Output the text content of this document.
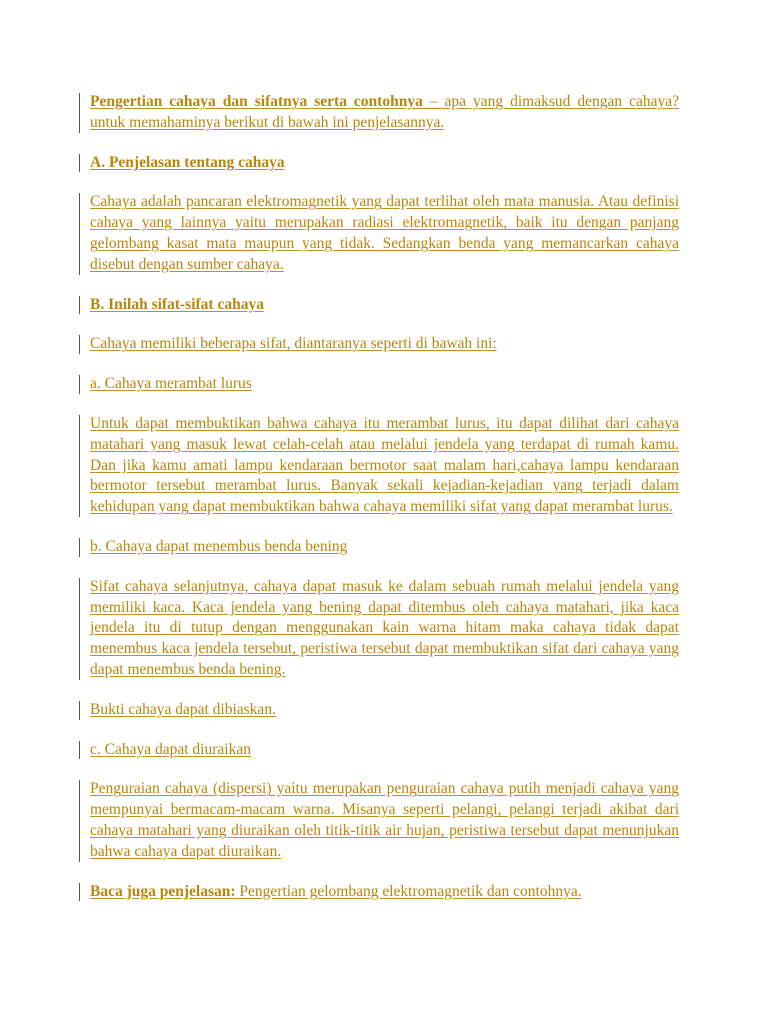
Pengertian cahaya dan sifatnya serta contohnya – apa yang dimaksud dengan cahaya? untuk memahaminya berikut di bawah ini penjelasannya.
A. Penjelasan tentang cahaya
Cahaya adalah pancaran elektromagnetik yang dapat terlihat oleh mata manusia. Atau definisi cahaya yang lainnya yaitu merupakan radiasi elektromagnetik, baik itu dengan panjang gelombang kasat mata maupun yang tidak. Sedangkan benda yang memancarkan cahaya disebut dengan sumber cahaya.
B. Inilah sifat-sifat cahaya
Cahaya memiliki beberapa sifat, diantaranya seperti di bawah ini:
a. Cahaya merambat lurus
Untuk dapat membuktikan bahwa cahaya itu merambat lurus, itu dapat dilihat dari cahaya matahari yang masuk lewat celah-celah atau melalui jendela yang terdapat di rumah kamu. Dan jika kamu amati lampu kendaraan bermotor saat malam hari,cahaya lampu kendaraan bermotor tersebut merambat lurus. Banyak sekali kejadian-kejadian yang terjadi dalam kehidupan yang dapat membuktikan bahwa cahaya memiliki sifat yang dapat merambat lurus.
b. Cahaya dapat menembus benda bening
Sifat cahaya selanjutnya, cahaya dapat masuk ke dalam sebuah rumah melalui jendela yang memiliki kaca. Kaca jendela yang bening dapat ditembus oleh cahaya matahari, jika kaca jendela itu di tutup dengan menggunakan kain warna hitam maka cahaya tidak dapat menembus kaca jendela tersebut, peristiwa tersebut dapat membuktikan sifat dari cahaya yang dapat menembus benda bening.
Bukti cahaya dapat dibiaskan.
c. Cahaya dapat diuraikan
Penguraian cahaya (dispersi) yaitu merupakan penguraian cahaya putih menjadi cahaya yang mempunyai bermacam-macam warna. Misanya seperti pelangi, pelangi terjadi akibat dari cahaya matahari yang diuraikan oleh titik-titik air hujan, peristiwa tersebut dapat menunjukan bahwa cahaya dapat diuraikan.
Baca juga penjelasan: Pengertian gelombang elektromagnetik dan contohnya.
